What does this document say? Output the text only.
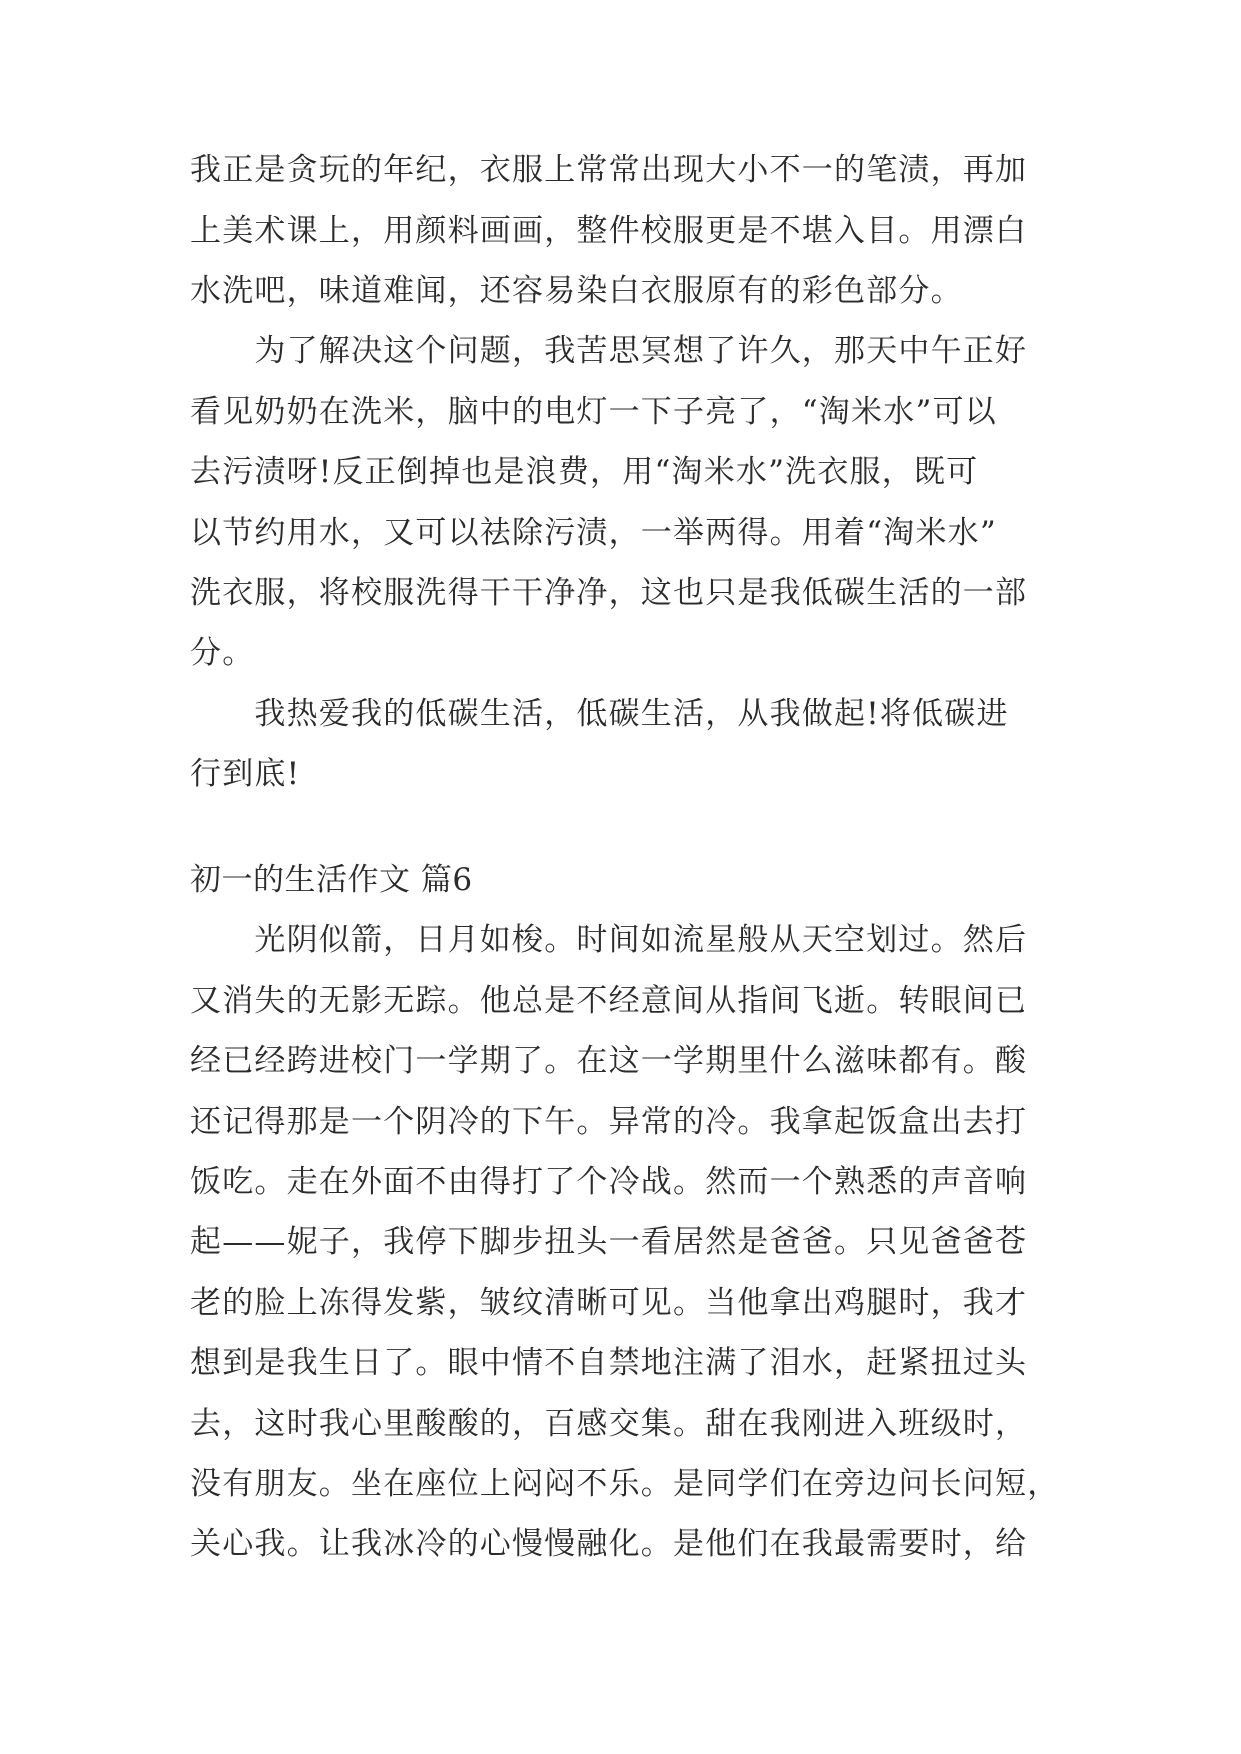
我正是贪玩的年纪，衣服上常常出现大小不一的笔渍，再加
上美术课上，用颜料画画，整件校服更是不堪入目。用漂白
水洗吧，味道难闻，还容易染白衣服原有的彩色部分。
　　为了解决这个问题，我苦思冥想了许久，那天中午正好
看见奶奶在洗米，脑中的电灯一下子亮了，“淘米水”可以
去污渍呀!反正倒掉也是浪费，用“淘米水”洗衣服，既可
以节约用水，又可以祛除污渍，一举两得。用着“淘米水”
洗衣服，将校服洗得干干净净，这也只是我低碳生活的一部
分。
　　我热爱我的低碳生活，低碳生活，从我做起!将低碳进
行到底!
初一的生活作文 篇6
　　光阴似箭，日月如梭。时间如流星般从天空划过。然后
又消失的无影无踪。他总是不经意间从指间飞逝。转眼间已
经已经跨进校门一学期了。在这一学期里什么滋味都有。酸
还记得那是一个阴冷的下午。异常的冷。我拿起饭盒出去打
饭吃。走在外面不由得打了个冷战。然而一个熟悉的声音响
起——妮子，我停下脚步扭头一看居然是爸爸。只见爸爸苍
老的脸上冻得发紫，皱纹清晰可见。当他拿出鸡腿时，我才
想到是我生日了。眼中情不自禁地注满了泪水，赶紧扭过头
去，这时我心里酸酸的，百感交集。甜在我刚进入班级时，
没有朋友。坐在座位上闷闷不乐。是同学们在旁边问长问短，
关心我。让我冰冷的心慢慢融化。是他们在我最需要时，给
